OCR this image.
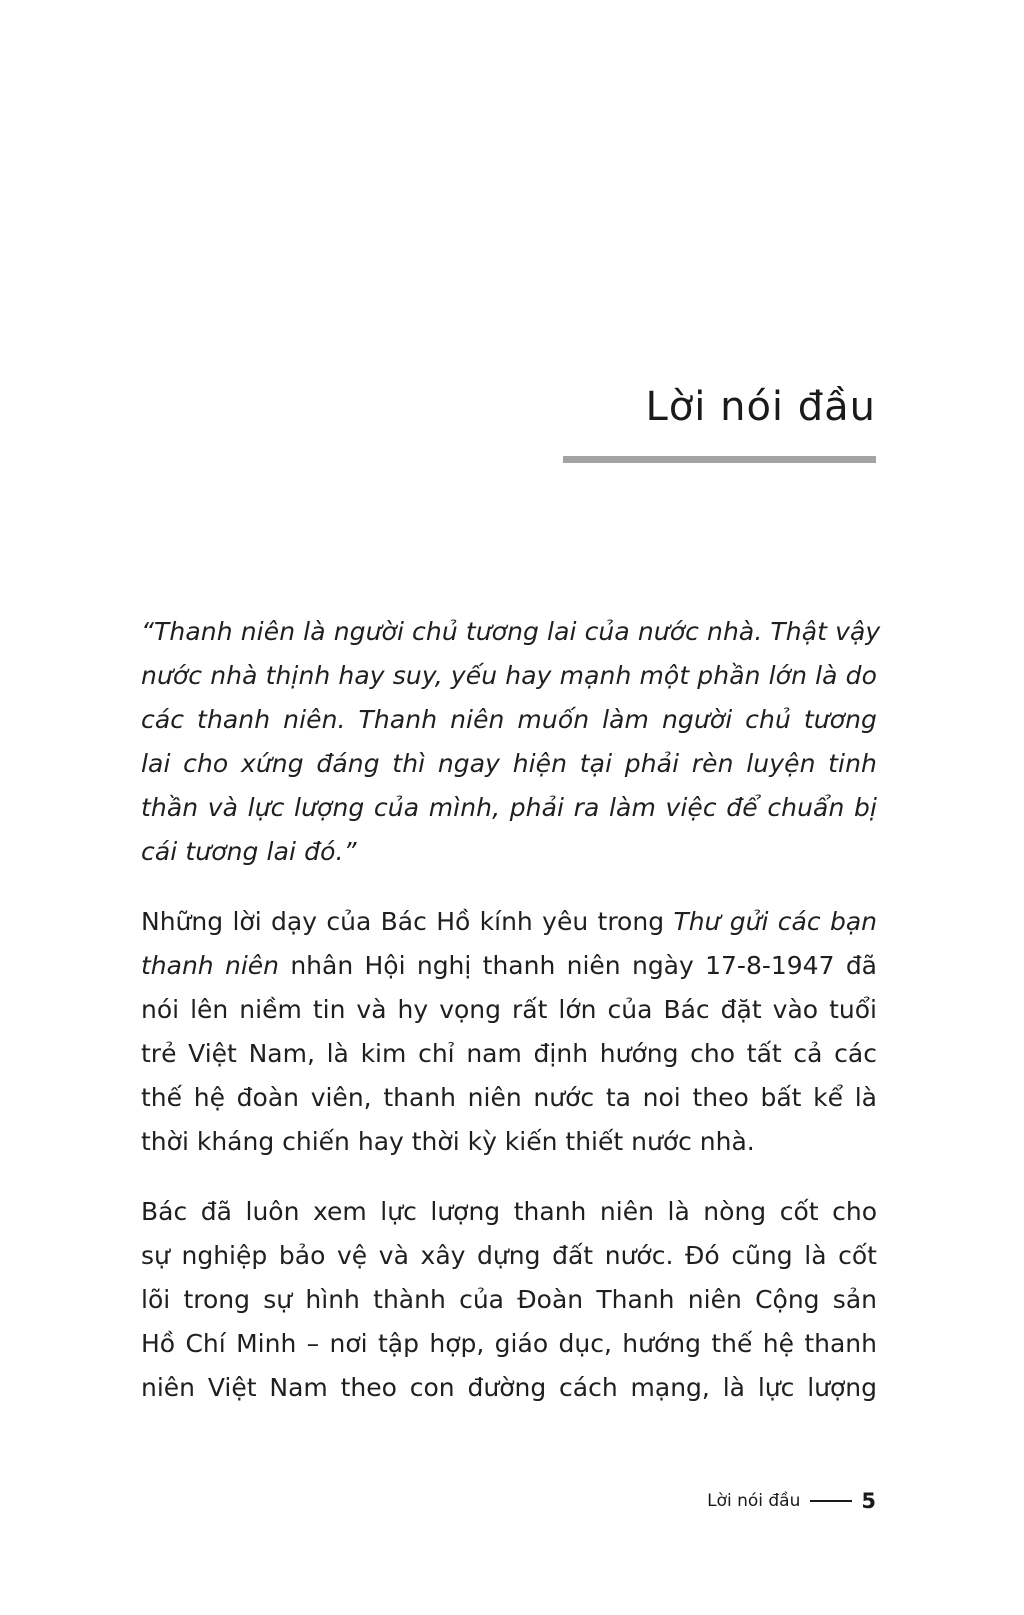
Lời nói đầu
“Thanh niên là người chủ tương lai của nước nhà. Thật vậy
nước nhà thịnh hay suy, yếu hay mạnh một phần lớn là do
các thanh niên. Thanh niên muốn làm người chủ tương
lai cho xứng đáng thì ngay hiện tại phải rèn luyện tinh
thần và lực lượng của mình, phải ra làm việc để chuẩn bị
cái tương lai đó.”
Những lời dạy của Bác Hồ kính yêu trong Thư gửi các bạn
thanh niên nhân Hội nghị thanh niên ngày 17-8-1947 đã
nói lên niềm tin và hy vọng rất lớn của Bác đặt vào tuổi
trẻ Việt Nam, là kim chỉ nam định hướng cho tất cả các
thế hệ đoàn viên, thanh niên nước ta noi theo bất kể là
thời kháng chiến hay thời kỳ kiến thiết nước nhà.
Bác đã luôn xem lực lượng thanh niên là nòng cốt cho
sự nghiệp bảo vệ và xây dựng đất nước. Đó cũng là cốt
lõi trong sự hình thành của Đoàn Thanh niên Cộng sản
Hồ Chí Minh – nơi tập hợp, giáo dục, hướng thế hệ thanh
niên Việt Nam theo con đường cách mạng, là lực lượng
Lời nói đầu	5
